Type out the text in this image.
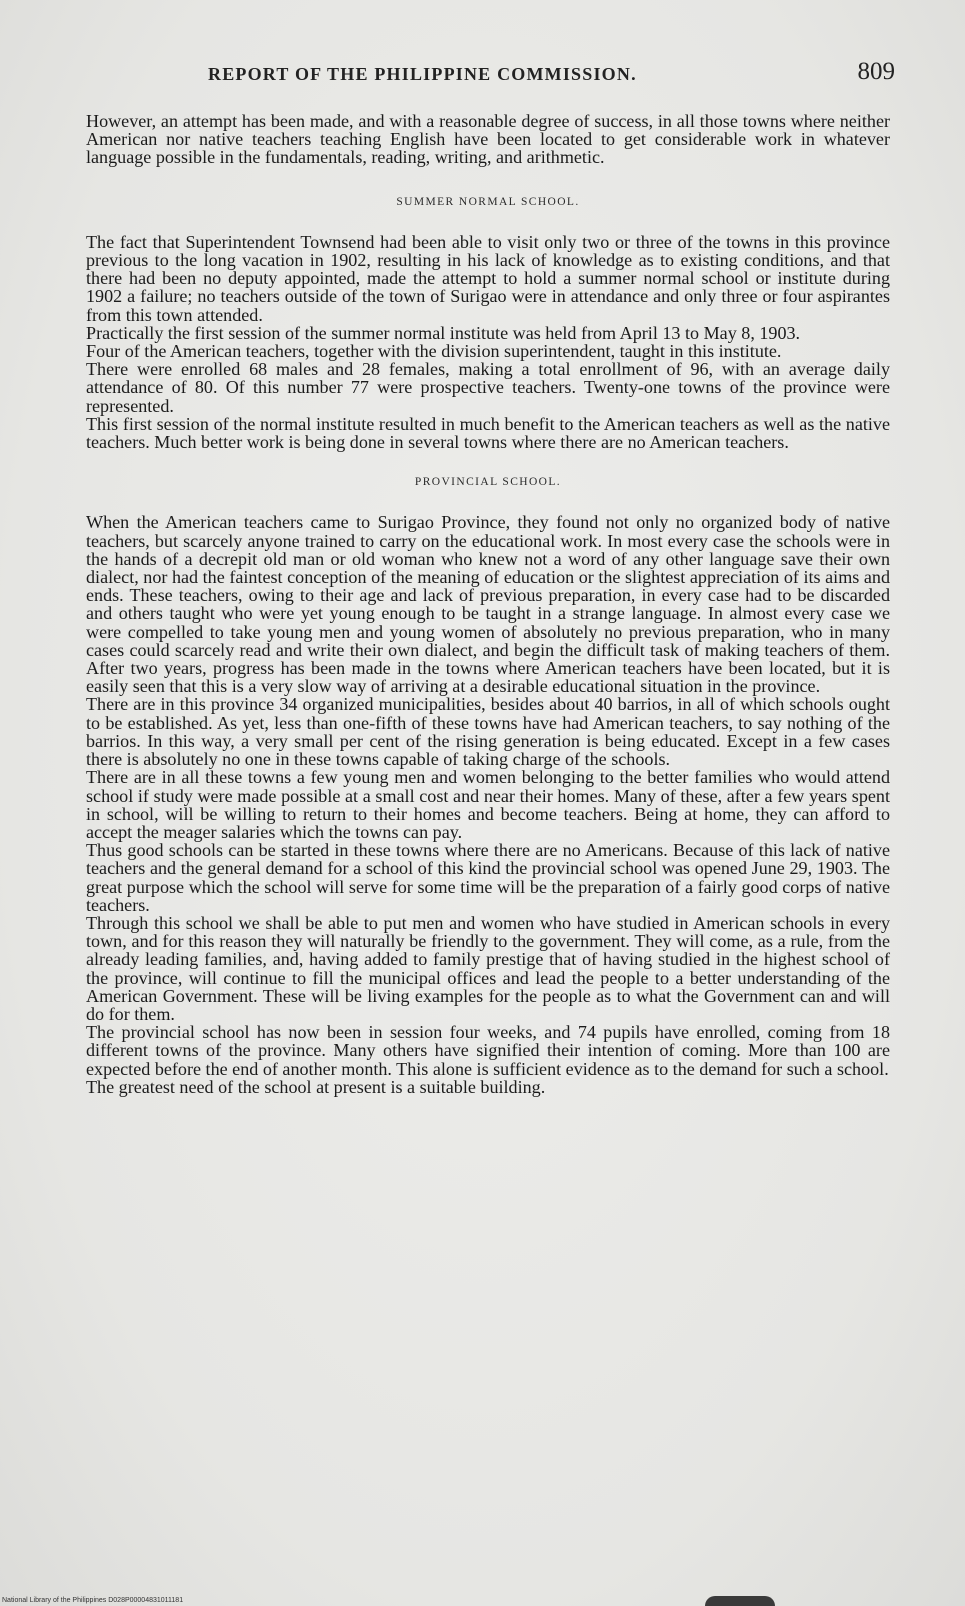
REPORT OF THE PHILIPPINE COMMISSION.	809

However, an attempt has been made, and with a reasonable degree of success, in all those towns where neither American nor native teachers teaching English have been located to get considerable work in whatever language possible in the fundamentals, reading, writing, and arithmetic.

SUMMER NORMAL SCHOOL.

The fact that Superintendent Townsend had been able to visit only two or three of the towns in this province previous to the long vacation in 1902, resulting in his lack of knowledge as to existing conditions, and that there had been no deputy appointed, made the attempt to hold a summer normal school or institute during 1902 a failure; no teachers outside of the town of Surigao were in attendance and only three or four aspirantes from this town attended.

Practically the first session of the summer normal institute was held from April 13 to May 8, 1903.

Four of the American teachers, together with the division superintendent, taught in this institute.

There were enrolled 68 males and 28 females, making a total enrollment of 96, with an average daily attendance of 80. Of this number 77 were prospective teachers. Twenty-one towns of the province were represented.

This first session of the normal institute resulted in much benefit to the American teachers as well as the native teachers. Much better work is being done in several towns where there are no American teachers.

PROVINCIAL SCHOOL.

When the American teachers came to Surigao Province, they found not only no organized body of native teachers, but scarcely anyone trained to carry on the educational work. In most every case the schools were in the hands of a decrepit old man or old woman who knew not a word of any other language save their own dialect, nor had the faintest conception of the meaning of education or the slightest appreciation of its aims and ends. These teachers, owing to their age and lack of previous preparation, in every case had to be discarded and others taught who were yet young enough to be taught in a strange language. In almost every case we were compelled to take young men and young women of absolutely no previous preparation, who in many cases could scarcely read and write their own dialect, and begin the difficult task of making teachers of them. After two years, progress has been made in the towns where American teachers have been located, but it is easily seen that this is a very slow way of arriving at a desirable educational situation in the province.

There are in this province 34 organized municipalities, besides about 40 barrios, in all of which schools ought to be established. As yet, less than one-fifth of these towns have had American teachers, to say nothing of the barrios. In this way, a very small per cent of the rising generation is being educated. Except in a few cases there is absolutely no one in these towns capable of taking charge of the schools.

There are in all these towns a few young men and women belonging to the better families who would attend school if study were made possible at a small cost and near their homes. Many of these, after a few years spent in school, will be willing to return to their homes and become teachers. Being at home, they can afford to accept the meager salaries which the towns can pay.

Thus good schools can be started in these towns where there are no Americans. Because of this lack of native teachers and the general demand for a school of this kind the provincial school was opened June 29, 1903. The great purpose which the school will serve for some time will be the preparation of a fairly good corps of native teachers.

Through this school we shall be able to put men and women who have studied in American schools in every town, and for this reason they will naturally be friendly to the government. They will come, as a rule, from the already leading families, and, having added to family prestige that of having studied in the highest school of the province, will continue to fill the municipal offices and lead the people to a better understanding of the American Government. These will be living examples for the people as to what the Government can and will do for them.

The provincial school has now been in session four weeks, and 74 pupils have enrolled, coming from 18 different towns of the province. Many others have signified their intention of coming. More than 100 are expected before the end of another month. This alone is sufficient evidence as to the demand for such a school.

The greatest need of the school at present is a suitable building.

National Library of the Philippines D028P00004831011181
